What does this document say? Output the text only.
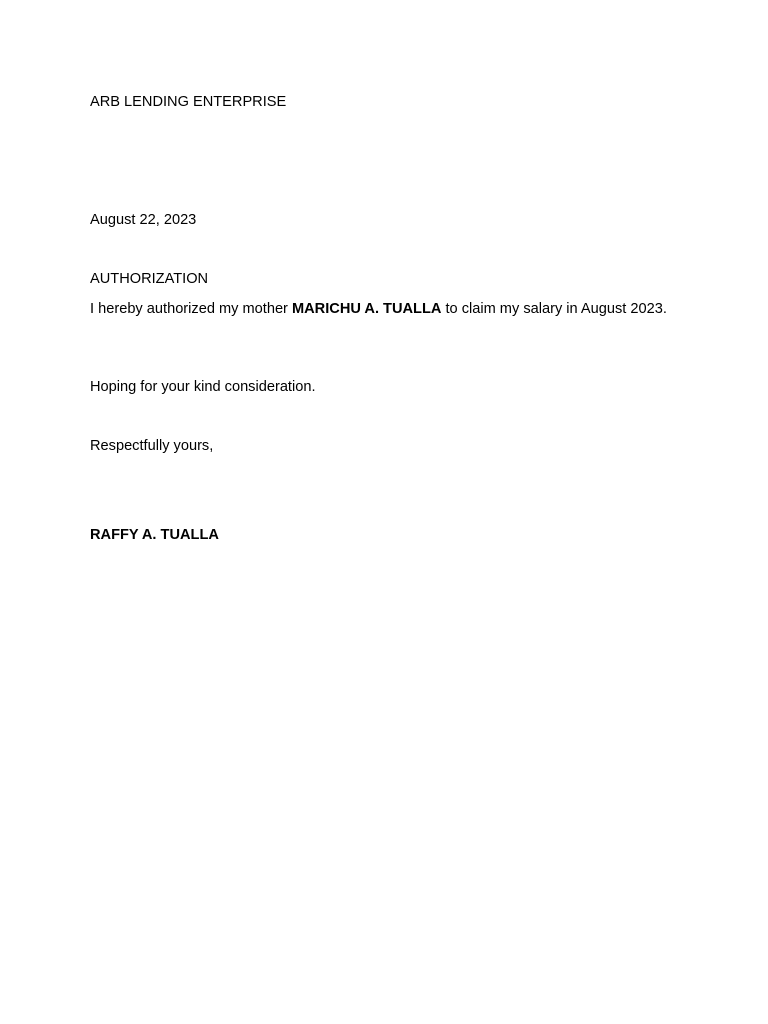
ARB LENDING ENTERPRISE

August 22, 2023

AUTHORIZATION

I hereby authorized my mother MARICHU A. TUALLA to claim my salary in August 2023.

Hoping for your kind consideration.

Respectfully yours,

RAFFY A. TUALLA
